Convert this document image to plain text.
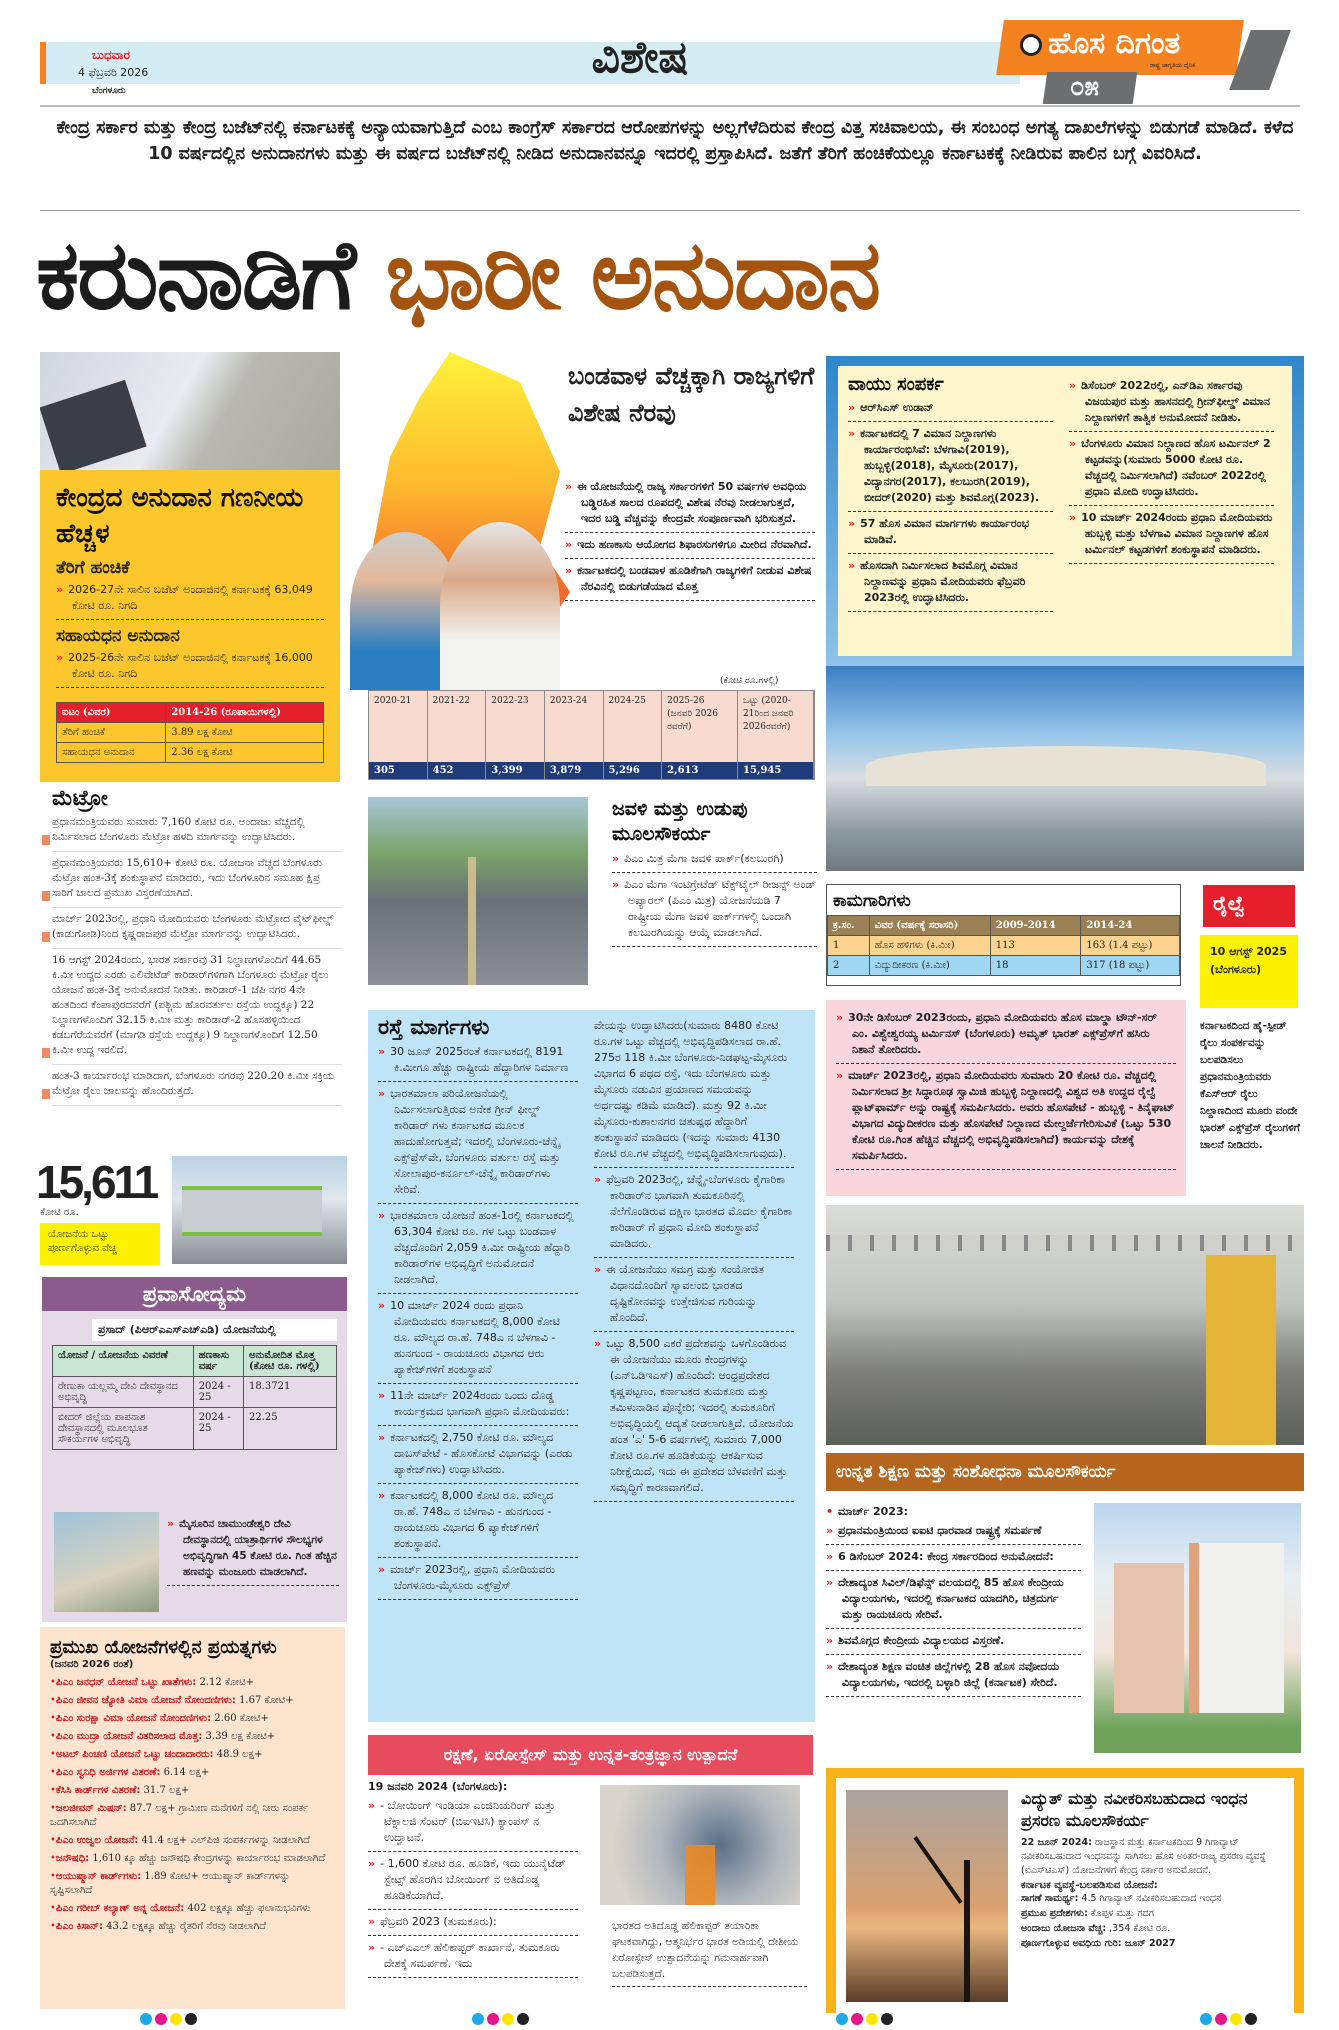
ಬುಧವಾರ
4 ಫೆಬ್ರವರಿ 2026
ಬೆಂಗಳೂರು
ವಿಶೇಷ	ಹೊಸ ದಿಗಂತ
ರಾಷ್ಟ್ರ ಜಾಗೃತಿಯ ದೈನಿಕ
೦೫
ಕೇಂದ್ರ ಸರ್ಕಾರ ಮತ್ತು ಕೇಂದ್ರ ಬಜೆಟ್‌ನಲ್ಲಿ ಕರ್ನಾಟಕಕ್ಕೆ ಅನ್ಯಾಯವಾಗುತ್ತಿದೆ ಎಂಬ ಕಾಂಗ್ರೆಸ್ ಸರ್ಕಾರದ ಆರೋಪಗಳನ್ನು ಅಲ್ಲಗೆಳೆದಿರುವ ಕೇಂದ್ರ ವಿತ್ತ ಸಚಿವಾಲಯ, ಈ ಸಂಬಂಧ ಅಗತ್ಯ ದಾಖಲೆಗಳನ್ನು ಬಿಡುಗಡೆ ಮಾಡಿದೆ. ಕಳೆದ 10 ವರ್ಷದಲ್ಲಿನ ಅನುದಾನಗಳು ಮತ್ತು ಈ ವರ್ಷದ ಬಜೆಟ್‌ನಲ್ಲಿ ನೀಡಿದ ಅನುದಾನವನ್ನೂ ಇದರಲ್ಲಿ ಪ್ರಸ್ತಾಪಿಸಿದೆ. ಜತೆಗೆ ತೆರಿಗೆ ಹಂಚಿಕೆಯಲ್ಲೂ ಕರ್ನಾಟಕಕ್ಕೆ ನೀಡಿರುವ ಪಾಲಿನ ಬಗ್ಗೆ ವಿವರಿಸಿದೆ.
ಕರುನಾಡಿಗೆ ಭಾರೀ ಅನುದಾನ
ಕೇಂದ್ರದ ಅನುದಾನ ಗಣನೀಯ ಹೆಚ್ಚಳ
ತೆರಿಗೆ ಹಂಚಿಕೆ
» 2026-27ನೇ ಸಾಲಿನ ಬಜೆಟ್ ಅಂದಾಜಿನಲ್ಲಿ ಕರ್ನಾಟಕಕ್ಕೆ 63,049 ಕೋಟಿ ರೂ. ನಿಗದಿ
ಸಹಾಯಧನ ಅನುದಾನ
» 2025-26ನೇ ಸಾಲಿನ ಬಜೆಟ್ ಅಂದಾಜಿನಲ್ಲಿ ಕರ್ನಾಟಕಕ್ಕೆ 16,000 ಕೋಟಿ ರೂ. ನಿಗದಿ
ಐಟಂ (ವಿವರ)	2014-26 (ರೂಪಾಯಿಗಳಲ್ಲಿ)
ತೆರಿಗೆ ಹಂಚಿಕೆ	3.89 ಲಕ್ಷ ಕೋಟಿ
ಸಹಾಯಧನ ಅನುದಾನ	2.36 ಲಕ್ಷ ಕೋಟಿ
ಮೆಟ್ರೋ
ಪ್ರಧಾನಮಂತ್ರಿಯವರು ಸುಮಾರು 7,160 ಕೋಟಿ ರೂ. ಅಂದಾಜು ವೆಚ್ಚದಲ್ಲಿ ನಿರ್ಮಿಸಲಾದ ಬೆಂಗಳೂರು ಮೆಟ್ರೋ ಹಳದಿ ಮಾರ್ಗವನ್ನು ಉದ್ಘಾಟಿಸಿದರು.
ಪ್ರಧಾನಮಂತ್ರಿಯವರು 15,610+ ಕೋಟಿ ರೂ. ಯೋಜನಾ ವೆಚ್ಚದ ಬೆಂಗಳೂರು ಮೆಟ್ರೋ ಹಂತ-3ಕ್ಕೆ ಶಂಕುಸ್ಥಾಪನೆ ಮಾಡಿದರು, ಇದು ಬೆಂಗಳೂರಿನ ಸಮೂಹ ಕ್ಷಿಪ್ರ ಸಾರಿಗೆ ಜಾಲದ ಪ್ರಮುಖ ವಿಸ್ತರಣೆಯಾಗಿದೆ.
ಮಾರ್ಚ್ 2023ರಲ್ಲಿ, ಪ್ರಧಾನಿ ಮೋದಿಯವರು ಬೆಂಗಳೂರು ಮೆಟ್ರೋದ ವೈಟ್‌ಫೀಲ್ಡ್ (ಕಾಡುಗೋಡಿ)ನಿಂದ ಕೃಷ್ಣರಾಜಪುರ ಮೆಟ್ರೋ ಮಾರ್ಗವನ್ನು ಉದ್ಘಾಟಿಸಿದರು.
16 ಆಗಸ್ಟ್ 2024ರಂದು, ಭಾರತ ಸರ್ಕಾರವು 31 ನಿಲ್ದಾಣಗಳೊಂದಿಗೆ 44.65 ಕಿ.ಮೀ ಉದ್ದದ ಎರಡು ಎಲಿವೇಟೆಡ್ ಕಾರಿಡಾರ್‌ಗಳಿಗಾಗಿ ಬೆಂಗಳೂರು ಮೆಟ್ರೋ ರೈಲು ಯೋಜನೆ ಹಂತ-3ಕ್ಕೆ ಅನುಮೋದನೆ ನೀಡಿತು. ಕಾರಿಡಾರ್-1 ಜೆಪಿ ನಗರ 4ನೇ ಹಂತದಿಂದ ಕೆಂಪಾಪುರದವರೆಗೆ (ಪಶ್ಚಿಮ ಹೊರವರ್ತುಲ ರಸ್ತೆಯ ಉದ್ದಕ್ಕೂ) 22 ನಿಲ್ದಾಣಗಳೊಂದಿಗೆ 32.15 ಕಿ.ಮೀ ಮತ್ತು ಕಾರಿಡಾರ್-2 ಹೊಸಹಳ್ಳಿಯಿಂದ ಕಡಬಗೆರೆಯವರೆಗೆ (ಮಾಗಡಿ ರಸ್ತೆಯ ಉದ್ದಕ್ಕೂ) 9 ನಿಲ್ದಾಣಗಳೊಂದಿಗೆ 12.50 ಕಿ.ಮೀ ಉದ್ದ ಇರಲಿದೆ.
ಹಂತ-3 ಕಾರ್ಯಾರಂಭ ಮಾಡಿದಾಗ, ಬೆಂಗಳೂರು ನಗರವು 220.20 ಕಿ.ಮೀ ಸಕ್ರಿಯ ಮೆಟ್ರೋ ರೈಲು ಜಾಲವನ್ನು ಹೊಂದಿರುತ್ತದೆ.
15,611
ಕೋಟಿ ರೂ.
ಯೋಜನೆಯ ಒಟ್ಟು ಪೂರ್ಣಗೊಳ್ಳುವ ವೆಚ್ಚ
ಪ್ರವಾಸೋದ್ಯಮ
ಪ್ರಸಾದ್ (ಪಿಆರ್‌ಎಎಸ್‌ಎಚ್‌ಎಡಿ) ಯೋಜನೆಯಲ್ಲಿ
ಯೋಜನೆ / ಯೋಜನೆಯ ವಿವರಣೆ	ಹಣಕಾಸು ವರ್ಷ	ಅನುಮೋದಿತ ಮೊತ್ತ (ಕೋಟಿ ರೂ. ಗಳಲ್ಲಿ)
ರೇಣುಕಾ ಯಲ್ಲಮ್ಮ ದೇವಿ ದೇವಸ್ಥಾನದ ಅಭಿವೃದ್ಧಿ	2024 - 25	18.3721
ಬೀದರ್ ಜಿಲ್ಲೆಯ ಪಾಪನಾಶ ದೇವಸ್ಥಾನದಲ್ಲಿ ಮೂಲಭೂತ ಸೌಕರ್ಯಗಳ ಅಭಿವೃದ್ಧಿ	2024 - 25	22.25
» ಮೈಸೂರಿನ ಚಾಮುಂಡೇಶ್ವರಿ ದೇವಿ ದೇವಸ್ಥಾನದಲ್ಲಿ ಯಾತ್ರಾರ್ಥಿಗಳ ಸೌಲಭ್ಯಗಳ ಅಭಿವೃದ್ಧಿಗಾಗಿ 45 ಕೋಟಿ ರೂ. ಗಿಂತ ಹೆಚ್ಚಿನ ಹಣವನ್ನು ಮಂಜೂರು ಮಾಡಲಾಗಿದೆ.
ಪ್ರಮುಖ ಯೋಜನೆಗಳಲ್ಲಿನ ಪ್ರಯತ್ನಗಳು
(ಜನವರಿ 2026 ರಂತೆ)
•ಪಿಎಂ ಜನಧನ್ ಯೋಜನೆ ಒಟ್ಟು ಖಾತೆಗಳು: 2.12 ಕೋಟಿ+
•ಪಿಎಂ ಜೀವನ ಜ್ಯೋತಿ ವಿಮಾ ಯೋಜನೆ ನೋಂದಣಿಗಳು: 1.67 ಕೋಟಿ+
•ಪಿಎಂ ಸುರಕ್ಷಾ ವಿಮಾ ಯೋಜನೆ ನೋಂದಣಿಗಳು: 2.60 ಕೋಟಿ+
•ಪಿಎಂ ಮುದ್ರಾ ಯೋಜನೆ ವಿತರಿಸಲಾದ ಮೊತ್ತ: 3.39 ಲಕ್ಷ ಕೋಟಿ+
•ಅಟಲ್ ಪಿಂಚಣಿ ಯೋಜನೆ ಒಟ್ಟು ಚಂದಾದಾರರು: 48.9 ಲಕ್ಷ+
•ಪಿಎಂ ಸ್ವನಿಧಿ ಅರ್ಜಿಗಳ ವಿತರಣೆ: 6.14 ಲಕ್ಷ+
•ಕೆಸಿಸಿ ಕಾರ್ಡ್‌ಗಳ ವಿತರಣೆ: 31.7 ಲಕ್ಷ+
•ಜಲಜೀವನ್ ಮಿಷನ್: 87.7 ಲಕ್ಷ+ ಗ್ರಾಮೀಣ ಮನೆಗಳಿಗೆ ನಲ್ಲಿ ನೀರು ಸಂಪರ್ಕ ಒದಗಿಸಲಾಗಿದೆ
•ಪಿಎಂ ಉಜ್ವಲ ಯೋಜನೆ: 41.4 ಲಕ್ಷ+ ಎಲ್‌ಪಿಜಿ ಸಂಪರ್ಕಗಳನ್ನು ನೀಡಲಾಗಿದೆ
•ಜನೌಷಧಿ: 1,610 ಕ್ಕೂ ಹೆಚ್ಚು ಜನೌಷಧಿ ಕೇಂದ್ರಗಳನ್ನು ಕಾರ್ಯಾರಂಭ ಮಾಡಲಾಗಿದೆ
•ಆಯುಷ್ಮಾನ್ ಕಾರ್ಡ್‌ಗಳು: 1.89 ಕೋಟಿ+ ಆಯುಷ್ಮಾನ್ ಕಾರ್ಡ್‌ಗಳನ್ನು ಸೃಷ್ಟಿಸಲಾಗಿದೆ
•ಪಿಎಂ ಗರೀಬ್ ಕಲ್ಯಾಣ್ ಅನ್ನ ಯೋಜನೆ: 402 ಲಕ್ಷಕ್ಕೂ ಹೆಚ್ಚು ಫಲಾನುಭವಿಗಳು
•ಪಿಎಂ ಕಿಸಾನ್: 43.2 ಲಕ್ಷಕ್ಕೂ ಹೆಚ್ಚು ರೈತರಿಗೆ ನೆರವು ನೀಡಲಾಗಿದೆ
ಬಂಡವಾಳ ವೆಚ್ಚಕ್ಕಾಗಿ ರಾಜ್ಯಗಳಿಗೆ ವಿಶೇಷ ನೆರವು
» ಈ ಯೋಜನೆಯಲ್ಲಿ ರಾಜ್ಯ ಸರ್ಕಾರಗಳಿಗೆ 50 ವರ್ಷಗಳ ಅವಧಿಯ ಬಡ್ಡಿರಹಿತ ಸಾಲದ ರೂಪದಲ್ಲಿ ವಿಶೇಷ ನೆರವು ನೀಡಲಾಗುತ್ತದೆ, ಇದರ ಬಡ್ಡಿ ವೆಚ್ಚವನ್ನು ಕೇಂದ್ರವೇ ಸಂಪೂರ್ಣವಾಗಿ ಭರಿಸುತ್ತದೆ.
» ಇದು ಹಣಕಾಸು ಆಯೋಗದ ಶಿಫಾರಸುಗಳಿಗೂ ಮೀರಿದ ನೆರವಾಗಿದೆ.
» ಕರ್ನಾಟಕದಲ್ಲಿ ಬಂಡವಾಳ ಹೂಡಿಕೆಗಾಗಿ ರಾಜ್ಯಗಳಿಗೆ ನೀಡುವ ವಿಶೇಷ ನೆರವಿನಲ್ಲಿ ಬಿಡುಗಡೆಯಾದ ಮೊತ್ತ
(ಕೋಟಿ ರೂ.ಗಳಲ್ಲಿ)
2020-21
305
2021-22
452
2022-23
3,399
2023-24
3,879
2024-25
5,296
2025-26 (ಜನವರಿ 2026 ರವರೆಗೆ)
2,613
ಒಟ್ಟು (2020-21ರಿಂದ ಜನವರಿ 2026ರವರೆಗೆ)
15,945
ಜವಳಿ ಮತ್ತು ಉಡುಪು ಮೂಲಸೌಕರ್ಯ
» ಪಿಎಂ ಮಿತ್ರ ಮೆಗಾ ಜವಳಿ ಪಾರ್ಕ್(ಕಲಬುರಗಿ)
» ಪಿಎಂ ಮೆಗಾ ಇಂಟಿಗ್ರೇಟೆಡ್ ಟೆಕ್ಸ್‌ಟೈಲ್ ರೀಜನ್ಸ್ ಅಂಡ್ ಅಪ್ಯಾರಲ್ (ಪಿಎಂ ಮಿತ್ರ) ಯೋಜನೆಯಡಿ 7 ರಾಷ್ಟ್ರೀಯ ಮೆಗಾ ಜವಳಿ ಪಾರ್ಕ್‌ಗಳಲ್ಲಿ ಒಂದಾಗಿ ಕಲಬುರಗಿಯನ್ನು ಆಯ್ಕೆ ಮಾಡಲಾಗಿದೆ.
ರಸ್ತೆ ಮಾರ್ಗಗಳು
» 30 ಜೂನ್ 2025ರಂತೆ ಕರ್ನಾಟಕದಲ್ಲಿ 8191 ಕಿ.ಮೀಗೂ ಹೆಚ್ಚು ರಾಷ್ಟ್ರೀಯ ಹೆದ್ದಾರಿಗಳ ನಿರ್ಮಾಣ
» ಭಾರತಮಾಲಾ ಪರಿಯೋಜನೆಯಲ್ಲಿ ನಿರ್ಮಿಸಲಾಗುತ್ತಿರುವ ಅನೇಕ ಗ್ರೀನ್ ಫೀಲ್ಡ್ ಕಾರಿಡಾರ್ ಗಳು ಕರ್ನಾಟಕದ ಮೂಲಕ ಹಾದುಹೋಗುತ್ತವೆ; ಇದರಲ್ಲಿ ಬೆಂಗಳೂರು-ಚೆನ್ನೈ ಎಕ್ಸ್‌ಪ್ರೆಸ್‌ವೇ, ಬೆಂಗಳೂರು ವರ್ತುಲ ರಸ್ತೆ ಮತ್ತು ಸೋಲಾಪುರ-ಕರ್ನೂಲ್-ಚೆನ್ನೈ ಕಾರಿಡಾರ್‌ಗಳು ಸೇರಿವೆ.
» ಭಾರತಮಾಲಾ ಯೋಜನೆ ಹಂತ-1ರಲ್ಲಿ ಕರ್ನಾಟಕದಲ್ಲಿ 63,304 ಕೋಟಿ ರೂ. ಗಳ ಒಟ್ಟು ಬಂಡವಾಳ ವೆಚ್ಚದೊಂದಿಗೆ 2,059 ಕಿ.ಮೀ ರಾಷ್ಟ್ರೀಯ ಹೆದ್ದಾರಿ ಕಾರಿಡಾರ್‌ಗಳ ಅಭಿವೃದ್ಧಿಗೆ ಅನುಮೋದನೆ ನೀಡಲಾಗಿದೆ.
» 10 ಮಾರ್ಚ್ 2024 ರಂದು ಪ್ರಧಾನಿ ಮೋದಿಯವರು ಕರ್ನಾಟಕದಲ್ಲಿ 8,000 ಕೋಟಿ ರೂ. ಮೌಲ್ಯದ ರಾ.ಹೆ. 748ಎ ನ ಬೆಳಗಾವಿ - ಹುನಗುಂದ - ರಾಯಚೂರು ವಿಭಾಗದ ಆರು ಪ್ಯಾಕೇಜ್‌ಗಳಿಗೆ ಶಂಕುಸ್ಥಾಪನೆ
» 11ನೇ ಮಾರ್ಚ್ 2024ರಂದು ಒಂದು ದೊಡ್ಡ ಕಾರ್ಯಕ್ರಮದ ಭಾಗವಾಗಿ ಪ್ರಧಾನಿ ಮೋದಿಯವರು:
» ಕರ್ನಾಟಕದಲ್ಲಿ 2,750 ಕೋಟಿ ರೂ. ಮೌಲ್ಯದ ದಾಬಸ್‌ಪೇಟೆ - ಹೊಸಕೋಟೆ ವಿಭಾಗವನ್ನು (ಎರಡು ಪ್ಯಾಕೇಜ್‌ಗಳು) ಉದ್ಘಾಟಿಸಿದರು.
» ಕರ್ನಾಟಕದಲ್ಲಿ 8,000 ಕೋಟಿ ರೂ. ಮೌಲ್ಯದ ರಾ.ಹೆ. 748ಎ ನ ಬೆಳಗಾವಿ - ಹುನಗುಂದ - ರಾಯಚೂರು ವಿಭಾಗದ 6 ಪ್ಯಾಕೇಜ್‌ಗಳಿಗೆ ಶಂಕುಸ್ಥಾಪನೆ.
» ಮಾರ್ಚ್ 2023ರಲ್ಲಿ, ಪ್ರಧಾನಿ ಮೋದಿಯವರು ಬೆಂಗಳೂರು-ಮೈಸೂರು ಎಕ್ಸ್‌ಪ್ರೆಸ್
ವೇಯನ್ನು ಉದ್ಘಾಟಿಸಿದರು(ಸುಮಾರು 8480 ಕೋಟಿ ರೂ.ಗಳ ಒಟ್ಟು ವೆಚ್ಚದಲ್ಲಿ ಅಭಿವೃದ್ಧಿಪಡಿಸಲಾದ ರಾ.ಹೆ. 275ರ 118 ಕಿ.ಮೀ ಬೆಂಗಳೂರು-ನಿಡಘಟ್ಟ-ಮೈಸೂರು ವಿಭಾಗದ 6 ಪಥದ ರಸ್ತೆ, ಇದು ಬೆಂಗಳೂರು ಮತ್ತು ಮೈಸೂರು ನಡುವಿನ ಪ್ರಯಾಣದ ಸಮಯವನ್ನು ಅರ್ಧದಷ್ಟು ಕಡಿಮೆ ಮಾಡಿದೆ). ಮತ್ತು 92 ಕಿ.ಮೀ ಮೈಸೂರು-ಕುಶಾಲನಗರ ಚತುಷ್ಪಥ ಹೆದ್ದಾರಿಗೆ ಶಂಕುಸ್ಥಾಪನೆ ಮಾಡಿದರು (ಇದನ್ನು ಸುಮಾರು 4130 ಕೋಟಿ ರೂ.ಗಳ ವೆಚ್ಚದಲ್ಲಿ ಅಭಿವೃದ್ಧಿಪಡಿಸಲಾಗುವುದು).
» ಫೆಬ್ರವರಿ 2023ರಲ್ಲಿ, ಚೆನ್ನೈ-ಬೆಂಗಳೂರು ಕೈಗಾರಿಕಾ ಕಾರಿಡಾರ್‌ನ ಭಾಗವಾಗಿ ತುಮಕೂರಿನಲ್ಲಿ ನೆಲೆಗೊಂಡಿರುವ ದಕ್ಷಿಣ ಭಾರತದ ಮೊದಲ ಕೈಗಾರಿಕಾ ಕಾರಿಡಾರ್ ಗೆ ಪ್ರಧಾನಿ ಮೋದಿ ಶಂಕುಸ್ಥಾಪನೆ ಮಾಡಿದರು.
» ಈ ಯೋಜನೆಯು ಸಮಗ್ರ ಮತ್ತು ಸಂಯೋಜಿತ ವಿಧಾನದೊಂದಿಗೆ ಸ್ವಾವಲಂಬಿ ಭಾರತದ ದೃಷ್ಟಿಕೋನವನ್ನು ಉತ್ತೇಜಿಸುವ ಗುರಿಯನ್ನು ಹೊಂದಿದೆ.
» ಒಟ್ಟು 8,500 ಎಕರೆ ಪ್ರದೇಶವನ್ನು ಒಳಗೊಂಡಿರುವ ಈ ಯೋಜನೆಯು ಮೂರು ಕೇಂದ್ರಗಳನ್ನು (ಎನ್‌ಒಡಿಇಎಸ್) ಹೊಂದಿದೆ: ಆಂಧ್ರಪ್ರದೇಶದ ಕೃಷ್ಣಪಟ್ಟಣಂ, ಕರ್ನಾಟಕದ ತುಮಕೂರು ಮತ್ತು ತಮಿಳುನಾಡಿನ ಪೊನ್ನೇರಿ; ಇದರಲ್ಲಿ ತುಮಕೂರಿಗೆ ಅಭಿವೃದ್ಧಿಯಲ್ಲಿ ಆದ್ಯತೆ ನೀಡಲಾಗುತ್ತಿದೆ. ಯೋಜನೆಯ ಹಂತ 'ಎ' 5-6 ವರ್ಷಗಳಲ್ಲಿ ಸುಮಾರು 7,000 ಕೋಟಿ ರೂ.ಗಳ ಹೂಡಿಕೆಯನ್ನು ಆಕರ್ಷಿಸುವ ನಿರೀಕ್ಷೆಯಿದೆ, ಇದು ಈ ಪ್ರದೇಶದ ಬೆಳವಣಿಗೆ ಮತ್ತು ಸಮೃದ್ಧಿಗೆ ಕಾರಣವಾಗಲಿದೆ.
ರಕ್ಷಣೆ, ಏರೋಸ್ಪೇಸ್ ಮತ್ತು ಉನ್ನತ-ತಂತ್ರಜ್ಞಾನ ಉತ್ಪಾದನೆ
19 ಜನವರಿ 2024 (ಬೆಂಗಳೂರು):
» - ಬೋಯಿಂಗ್ ಇಂಡಿಯಾ ಎಂಜಿನಿಯರಿಂಗ್ ಮತ್ತು ಟೆಕ್ನಾಲಜಿ ಸೆಂಟರ್ (ಬಿಐಇಟಿಸಿ) ಕ್ಯಾಂಪಸ್ ನ ಉದ್ಘಾಟನೆ.
» - 1,600 ಕೋಟಿ ರೂ. ಹೂಡಿಕೆ, ಇದು ಯುನೈಟೆಡ್ ಸ್ಟೇಟ್ಸ್ ಹೊರಗಿನ ಬೋಯಿಂಗ್ ನ ಅತಿದೊಡ್ಡ ಹೂಡಿಕೆಯಾಗಿದೆ.
» ಫೆಬ್ರವರಿ 2023 (ತುಮಕೂರು):
» - ಎಚ್‌ಎಎಲ್ ಹೆಲಿಕಾಪ್ಟರ್ ಕಾರ್ಖಾನೆ, ತುಮಕೂರು ದೇಶಕ್ಕೆ ಸಮರ್ಪಣೆ. ಇದು
ಭಾರತದ ಅತಿದೊಡ್ಡ ಹೆಲಿಕಾಪ್ಟರ್ ತಯಾರಿಕಾ ಘಟಕವಾಗಿದ್ದು, ಆತ್ಮನಿರ್ಭರ ಭಾರತ ಅಡಿಯಲ್ಲಿ ದೇಶೀಯ ಏರೋಸ್ಪೇಸ್ ಉತ್ಪಾದನೆಯನ್ನು ಗಮನಾರ್ಹವಾಗಿ ಬಲಪಡಿಸುತ್ತದೆ.
ವಾಯು ಸಂಪರ್ಕ
» ಆರ್‌ಸಿಎಸ್ ಉಡಾನ್
» ಕರ್ನಾಟಕದಲ್ಲಿ 7 ವಿಮಾನ ನಿಲ್ದಾಣಗಳು ಕಾರ್ಯಾರಂಭಿಸಿವೆ: ಬೆಳಗಾವಿ(2019), ಹುಬ್ಬಳ್ಳಿ(2018), ಮೈಸೂರು(2017), ವಿದ್ಯಾನಗರ(2017), ಕಲಬುರಗಿ(2019), ಬೀದರ್(2020) ಮತ್ತು ಶಿವಮೊಗ್ಗ(2023).
» 57 ಹೊಸ ವಿಮಾನ ಮಾರ್ಗಗಳು ಕಾರ್ಯಾರಂಭ ಮಾಡಿವೆ.
» ಹೊಸದಾಗಿ ನಿರ್ಮಿಸಲಾದ ಶಿವಮೊಗ್ಗ ವಿಮಾನ ನಿಲ್ದಾಣವನ್ನು ಪ್ರಧಾನಿ ಮೋದಿಯವರು ಫೆಬ್ರವರಿ 2023ರಲ್ಲಿ ಉದ್ಘಾಟಿಸಿದರು.
» ಡಿಸೆಂಬರ್ 2022ರಲ್ಲಿ, ಎನ್‌ಡಿಎ ಸರ್ಕಾರವು ವಿಜಯಪುರ ಮತ್ತು ಹಾಸನದಲ್ಲಿ ಗ್ರೀನ್‌ಫೀಲ್ಡ್ ವಿಮಾನ ನಿಲ್ದಾಣಗಳಿಗೆ ತಾತ್ವಿಕ ಅನುಮೋದನೆ ನೀಡಿತು.
» ಬೆಂಗಳೂರು ವಿಮಾನ ನಿಲ್ದಾಣದ ಹೊಸ ಟರ್ಮಿನಲ್ 2 ಕಟ್ಟಡವನ್ನು(ಸುಮಾರು 5000 ಕೋಟಿ ರೂ. ವೆಚ್ಚದಲ್ಲಿ ನಿರ್ಮಿಸಲಾಗಿದೆ) ನವೆಂಬರ್ 2022ರಲ್ಲಿ ಪ್ರಧಾನಿ ಮೋದಿ ಉದ್ಘಾಟಿಸಿದರು.
» 10 ಮಾರ್ಚ್ 2024ರಂದು ಪ್ರಧಾನಿ ಮೋದಿಯವರು ಹುಬ್ಬಳ್ಳಿ ಮತ್ತು ಬೆಳಗಾವಿ ವಿಮಾನ ನಿಲ್ದಾಣಗಳ ಹೊಸ ಟರ್ಮಿನಲ್ ಕಟ್ಟಡಗಳಿಗೆ ಶಂಕುಸ್ಥಾಪನೆ ಮಾಡಿದರು.
ಕಾಮಗಾರಿಗಳು
ಕ್ರ.ಸಂ.	ವಿವರ (ವರ್ಷಕ್ಕೆ ಸರಾಸರಿ)	2009-2014	2014-24
1	ಹೊಸ ಹಳಿಗಳು (ಕಿ.ಮೀ)	113	163 (1.4 ಪಟ್ಟು)
2	ವಿದ್ಯುದೀಕರಣ (ಕಿ.ಮೀ)	18	317 (18 ಪಟ್ಟು)
ರೈಲ್ವೆ
10 ಆಗಸ್ಟ್ 2025 (ಬೆಂಗಳೂರು)
ಕರ್ನಾಟಕದಿಂದ ಹೈ-ಸ್ಪೀಡ್ ರೈಲು ಸಂಪರ್ಕವನ್ನು ಬಲಪಡಿಸಲು ಪ್ರಧಾನಮಂತ್ರಿಯವರು ಕೆಎಸ್‌ಆರ್ ರೈಲು ನಿಲ್ದಾಣದಿಂದ ಮೂರು ವಂದೇ ಭಾರತ್ ಎಕ್ಸ್‌ಪ್ರೆಸ್ ರೈಲುಗಳಿಗೆ ಚಾಲನೆ ನೀಡಿದರು.
» 30ನೇ ಡಿಸೆಂಬರ್ 2023ರಂದು, ಪ್ರಧಾನಿ ಮೋದಿಯವರು ಹೊಸ ಮಾಲ್ಡಾ ಟೌನ್-ಸರ್ ಎಂ. ವಿಶ್ವೇಶ್ವರಯ್ಯ ಟರ್ಮಿನಸ್ (ಬೆಂಗಳೂರು) ಅಮೃತ್ ಭಾರತ್ ಎಕ್ಸ್‌ಪ್ರೆಸ್‌ಗೆ ಹಸಿರು ನಿಶಾನೆ ತೋರಿದರು.
» ಮಾರ್ಚ್ 2023ರಲ್ಲಿ, ಪ್ರಧಾನಿ ಮೋದಿಯವರು ಸುಮಾರು 20 ಕೋಟಿ ರೂ. ವೆಚ್ಚದಲ್ಲಿ ನಿರ್ಮಿಸಲಾದ ಶ್ರೀ ಸಿದ್ಧಾರೂಢ ಸ್ವಾಮಿಜಿ ಹುಬ್ಬಳ್ಳಿ ನಿಲ್ದಾಣದಲ್ಲಿ ವಿಶ್ವದ ಅತಿ ಉದ್ದದ ರೈಲ್ವೆ ಪ್ಲಾಟ್‌ಫಾರ್ಮ್ ಅನ್ನು ರಾಷ್ಟ್ರಕ್ಕೆ ಸಮರ್ಪಿಸಿದರು. ಅವರು ಹೊಸಪೇಟೆ - ಹುಬ್ಬಳ್ಳಿ - ತಿನೈಘಾಟ್ ವಿಭಾಗದ ವಿದ್ಯುದೀಕರಣ ಮತ್ತು ಹೊಸಪೇಟೆ ನಿಲ್ದಾಣದ ಮೇಲ್ದರ್ಜೆಗೇರಿಸುವಿಕೆ (ಒಟ್ಟು 530 ಕೋಟಿ ರೂ.ಗಿಂತ ಹೆಚ್ಚಿನ ವೆಚ್ಚದಲ್ಲಿ ಅಭಿವೃದ್ಧಿಪಡಿಸಲಾಗಿದೆ) ಕಾರ್ಯವನ್ನು ದೇಶಕ್ಕೆ ಸಮರ್ಪಿಸಿದರು.
ಉನ್ನತ ಶಿಕ್ಷಣ ಮತ್ತು ಸಂಶೋಧನಾ ಮೂಲಸೌಕರ್ಯ
• ಮಾರ್ಚ್ 2023:
» ಪ್ರಧಾನಮಂತ್ರಿಯಿಂದ ಐಐಟಿ ಧಾರವಾಡ ರಾಷ್ಟ್ರಕ್ಕೆ ಸಮರ್ಪಣೆ
» 6 ಡಿಸೆಂಬರ್ 2024: ಕೇಂದ್ರ ಸರ್ಕಾರದಿಂದ ಅನುಮೋದನೆ:
» ದೇಶಾದ್ಯಂತ ಸಿವಿಲ್/ಡಿಫೆನ್ಸ್ ವಲಯದಲ್ಲಿ 85 ಹೊಸ ಕೇಂದ್ರೀಯ ವಿದ್ಯಾಲಯಗಳು, ಇದರಲ್ಲಿ ಕರ್ನಾಟಕದ ಯಾದಗಿರಿ, ಚಿತ್ರದುರ್ಗ ಮತ್ತು ರಾಯಚೂರು ಸೇರಿವೆ.
» ಶಿವಮೊಗ್ಗದ ಕೇಂದ್ರೀಯ ವಿದ್ಯಾಲಯದ ವಿಸ್ತರಣೆ.
» ದೇಶಾದ್ಯಂತ ಶಿಕ್ಷಣ ವಂಚಿತ ಜಿಲ್ಲೆಗಳಲ್ಲಿ 28 ಹೊಸ ನವೋದಯ ವಿದ್ಯಾಲಯಗಳು, ಇದರಲ್ಲಿ ಬಳ್ಳಾರಿ ಜಿಲ್ಲೆ (ಕರ್ನಾಟಕ) ಸೇರಿದೆ.
ವಿದ್ಯುತ್ ಮತ್ತು ನವೀಕರಿಸಬಹುದಾದ ಇಂಧನ ಪ್ರಸರಣ ಮೂಲಸೌಕರ್ಯ
22 ಜೂನ್ 2024: ರಾಜಸ್ಥಾನ ಮತ್ತು ಕರ್ನಾಟಕದಿಂದ 9 ಗಿಗಾವ್ಯಾಟ್ ನವೀಕರಿಸಬಹುದಾದ ಇಂಧನವನ್ನು ಸಾಗಿಸಲು ಹೊಸ ಅಂತರ-ರಾಜ್ಯ ಪ್ರಸರಣ ವ್ಯವಸ್ಥೆ (ಐಎಸ್‌ಟಿಎಸ್) ಯೋಜನೆಗಳಿಗೆ ಕೇಂದ್ರ ಸರ್ಕಾರ ಅನುಮೋದನೆ.
ಕರ್ನಾಟಕ ವ್ಯವಸ್ಥೆ-ಬಲಪಡಿಸುವ ಯೋಜನೆ:
ಸಾಗಣೆ ಸಾಮರ್ಥ್ಯ: 4.5 ಗಿಗಾವ್ಯಾಟ್ ನವೀಕರಿಸಬಹುದಾದ ಇಂಧನ
ಪ್ರಮುಖ ಪ್ರದೇಶಗಳು: ಕೊಪ್ಪಳ ಮತ್ತು ಗದಗ
ಅಂದಾಜು ಯೋಜನಾ ವೆಚ್ಚ: ,354 ಕೋಟಿ ರೂ.
ಪೂರ್ಣಗೊಳ್ಳುವ ಅವಧಿಯ ಗುರಿ: ಜೂನ್ 2027
